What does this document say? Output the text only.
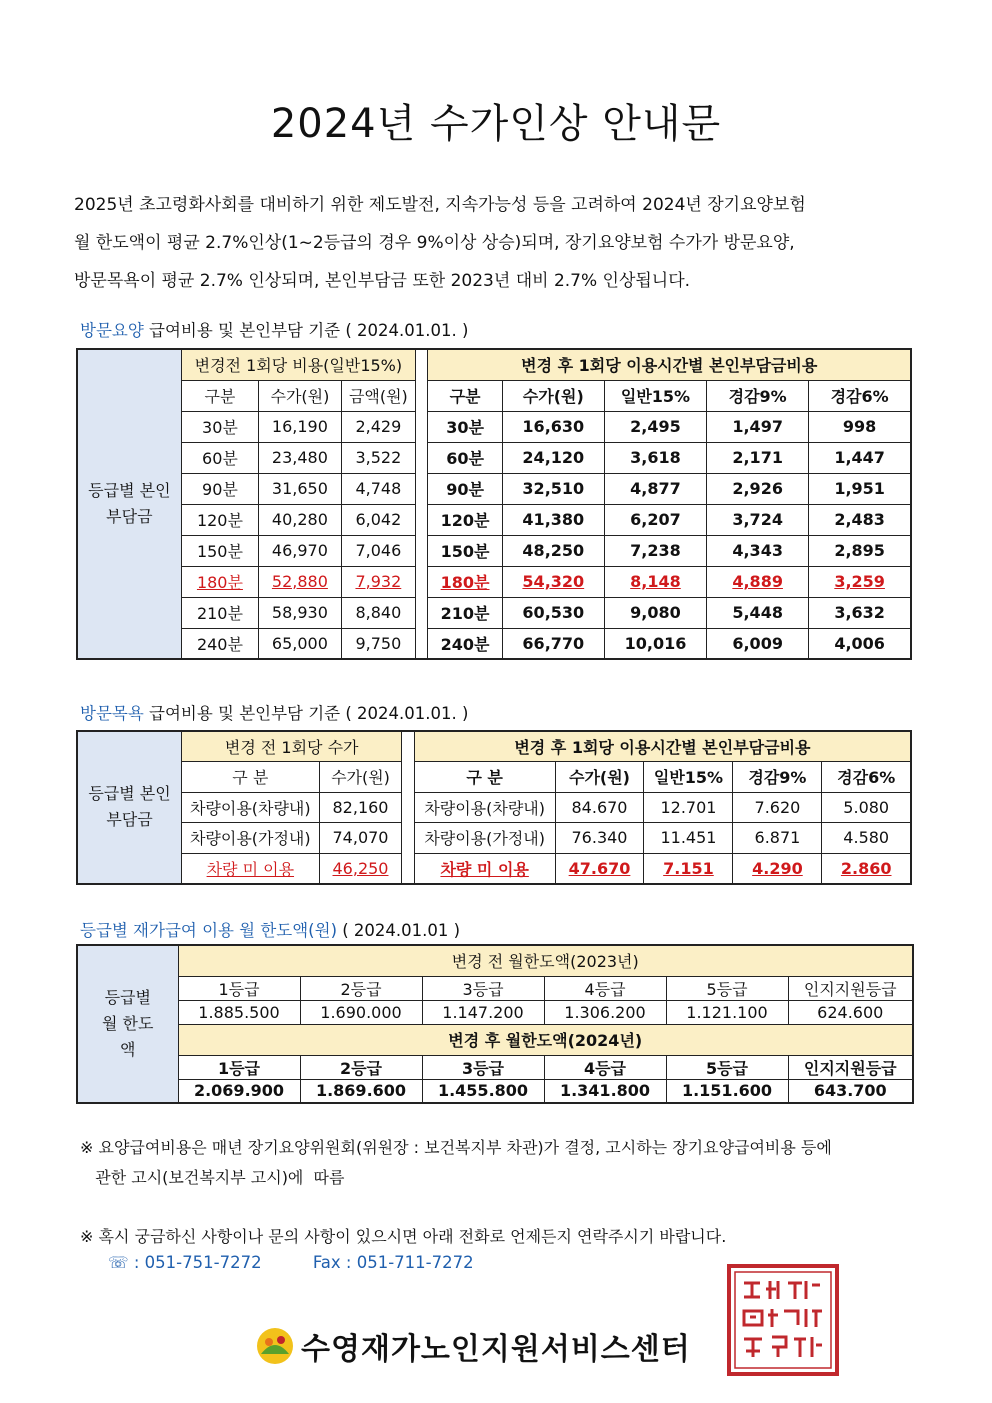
2024년 수가인상 안내문

2025년 초고령화사회를 대비하기 위한 제도발전, 지속가능성 등을 고려하여 2024년 장기요양보험

월 한도액이 평균 2.7%인상(1~2등급의 경우 9%이상 상승)되며, 장기요양보험 수가가 방문요양,

방문목욕이 평균 2.7% 인상되며, 본인부담금 또한 2023년 대비 2.7% 인상됩니다.

방문요양 급여비용 및 본인부담 기준 ( 2024.01.01. )
등급별 본인부담금	변경전 1회당 비용(일반15%)				변경 후 1회당 이용시간별 본인부담금비용				
	구분	수가(원)	금액(원)		구분	수가(원)	일반15%	경감9%	경감6%
	30분	16,190	2,429		30분	16,630	2,495	1,497	998
	60분	23,480	3,522		60분	24,120	3,618	2,171	1,447
	90분	31,650	4,748		90분	32,510	4,877	2,926	1,951
	120분	40,280	6,042		120분	41,380	6,207	3,724	2,483
	150분	46,970	7,046		150분	48,250	7,238	4,343	2,895
	180분	52,880	7,932		180분	54,320	8,148	4,889	3,259
	210분	58,930	8,840		210분	60,530	9,080	5,448	3,632
	240분	65,000	9,750		240분	66,770	10,016	6,009	4,006
방문목욕 급여비용 및 본인부담 기준 ( 2024.01.01. )
등급별 본인부담금	변경 전 1회당 수가			변경 후 1회당 이용시간별 본인부담금비용				
	구 분	수가(원)		구 분	수가(원)	일반15%	경감9%	경감6%
	차량이용(차량내)	82,160		차량이용(차량내)	84.670	12.701	7.620	5.080
	차량이용(가정내)	74,070		차량이용(가정내)	76.340	11.451	6.871	4.580
	차량 미 이용	46,250		차량 미 이용	47.670	7.151	4.290	2.860
등급별 재가급여 이용 월 한도액(원) ( 2024.01.01 )
등급별 월 한도액	변경 전 월한도액(2023년)					
	1등급	2등급	3등급	4등급	5등급	인지지원등급
	1.885.500	1.690.000	1.147.200	1.306.200	1.121.100	624.600
	변경 후 월한도액(2024년)					
	1등급	2등급	3등급	4등급	5등급	인지지원등급
	2.069.900	1.869.600	1.455.800	1.341.800	1.151.600	643.700
※ 요양급여비용은 매년 장기요양위원회(위원장 : 보건복지부 차관)가 결정, 고시하는 장기요양급여비용 등에
관한 고시(보건복지부 고시)에  따름
※ 혹시 궁금하신 사항이나 문의 사항이 있으시면 아래 전화로 언제든지 연락주시기 바랍니다.
☏ : 051-751-7272	Fax : 051-711-7272
수영재가노인지원서비스센터
